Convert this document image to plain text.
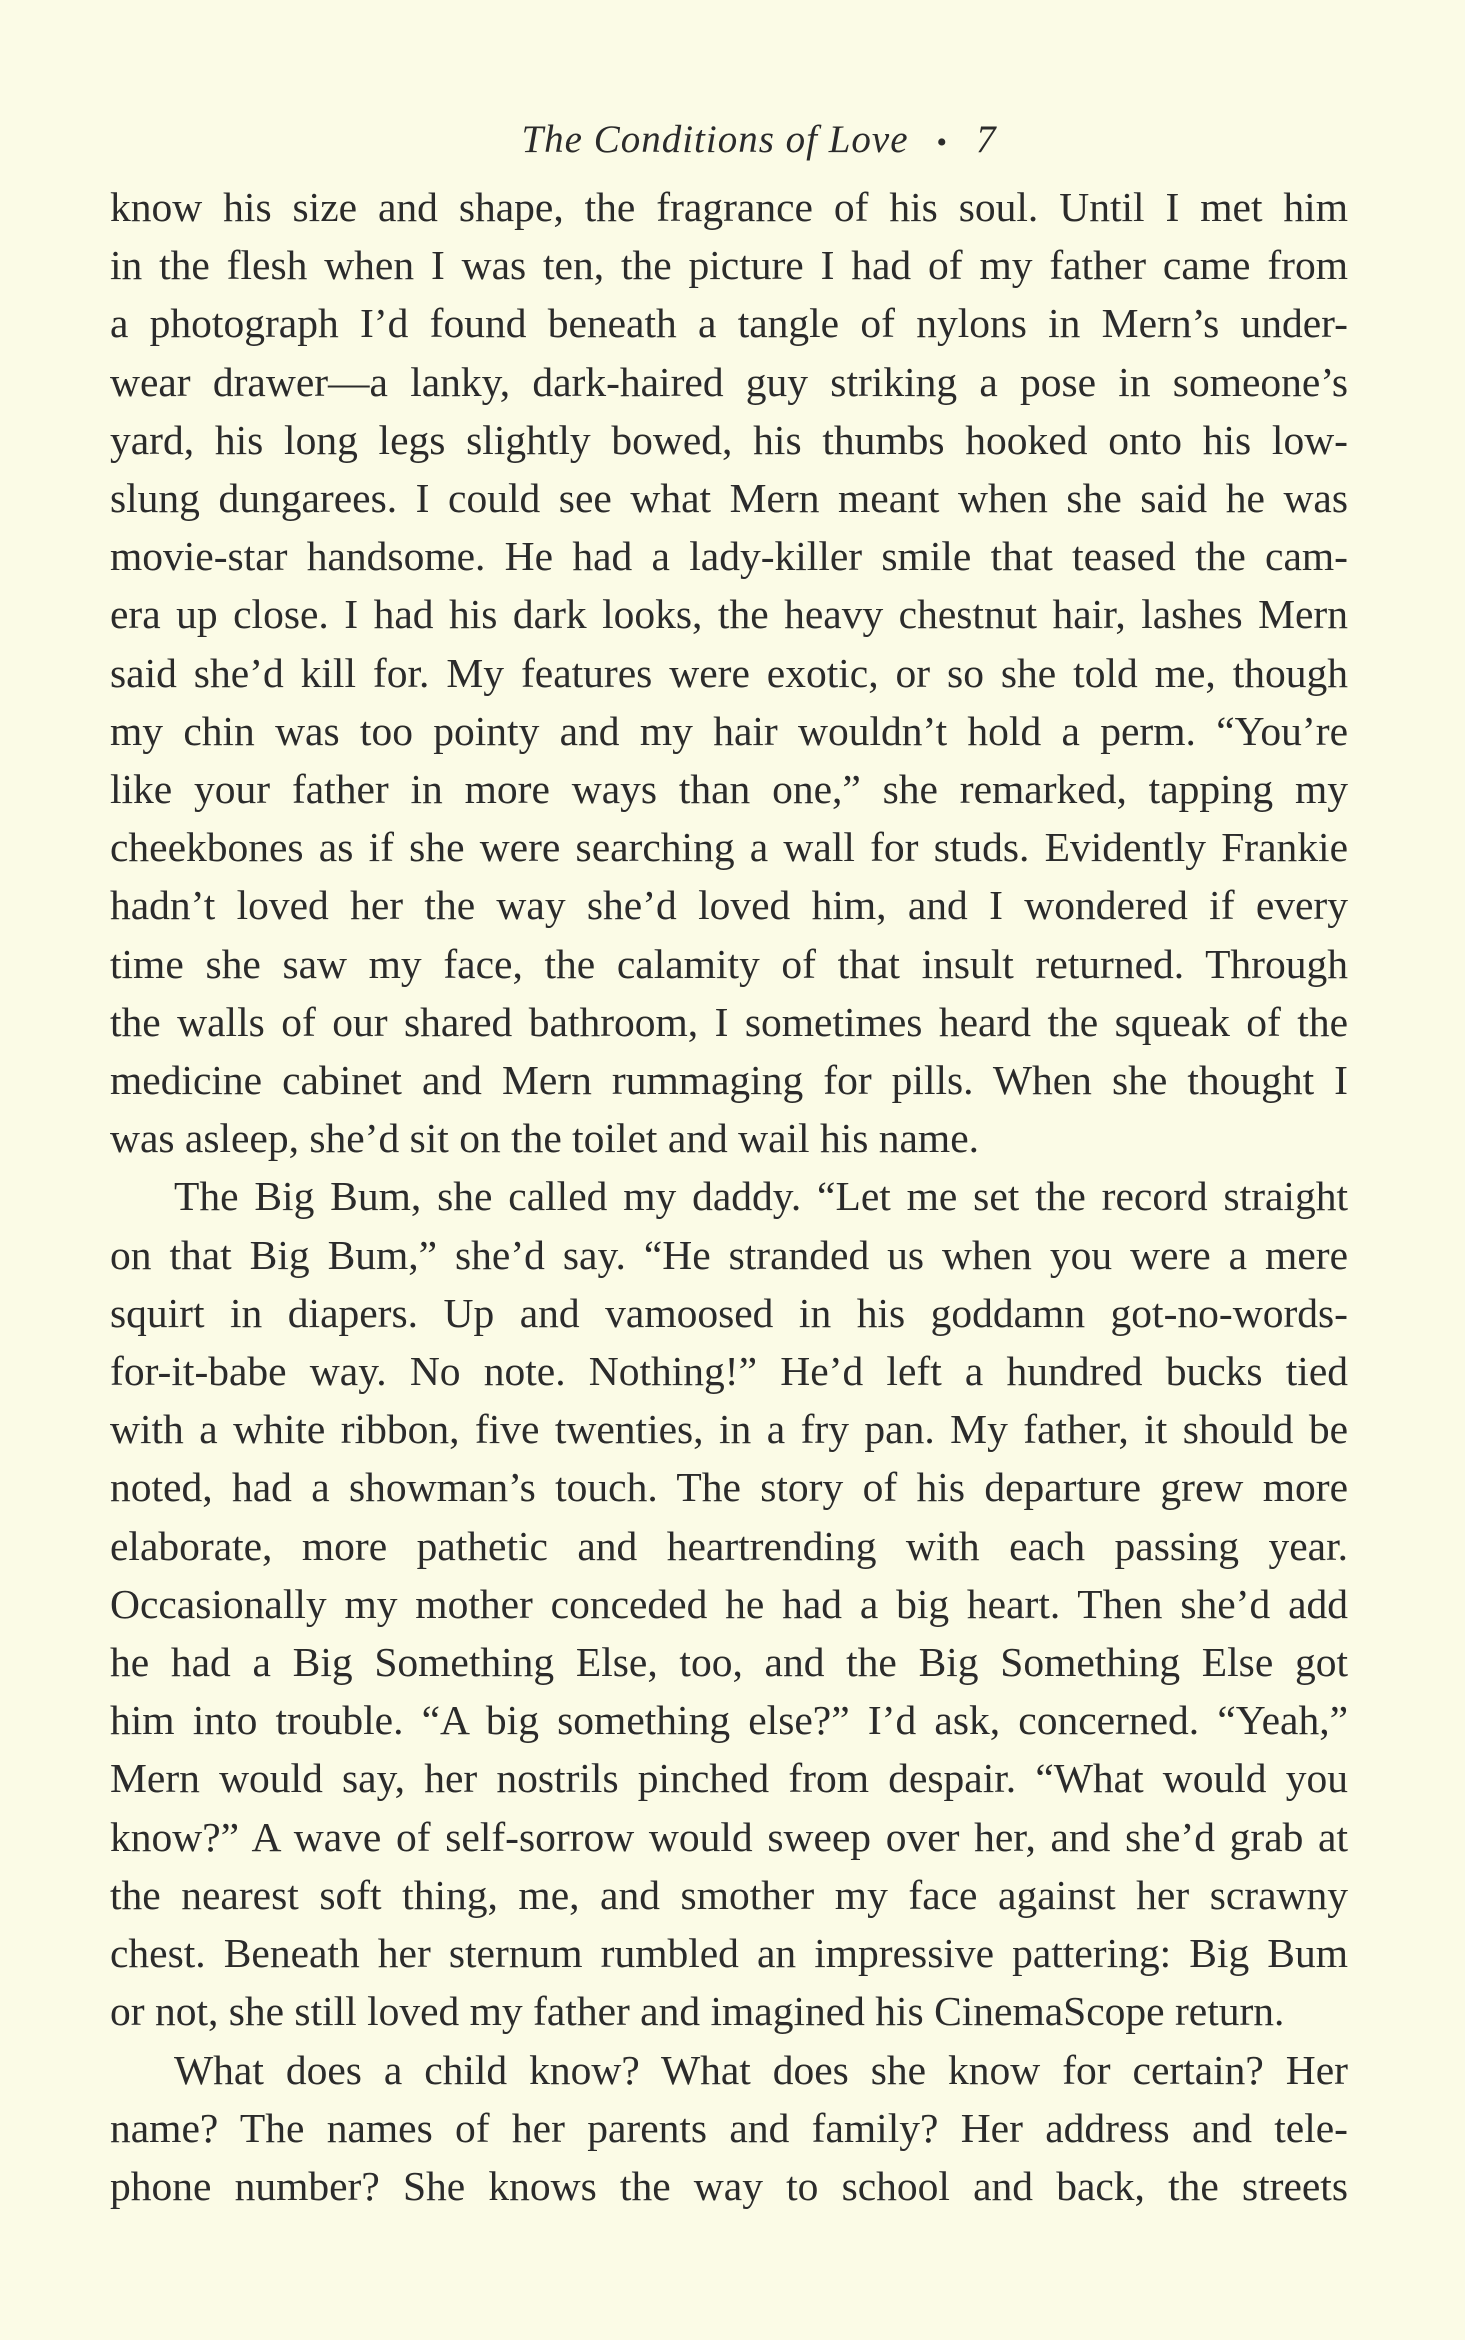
The Conditions of Love • 7

know his size and shape, the fragrance of his soul. Until I met him
in the flesh when I was ten, the picture I had of my father came from
a photograph I’d found beneath a tangle of nylons in Mern’s under-
wear drawer—a lanky, dark-haired guy striking a pose in someone’s
yard, his long legs slightly bowed, his thumbs hooked onto his low-
slung dungarees. I could see what Mern meant when she said he was
movie-star handsome. He had a lady-killer smile that teased the cam-
era up close. I had his dark looks, the heavy chestnut hair, lashes Mern
said she’d kill for. My features were exotic, or so she told me, though
my chin was too pointy and my hair wouldn’t hold a perm. “You’re
like your father in more ways than one,” she remarked, tapping my
cheekbones as if she were searching a wall for studs. Evidently Frankie
hadn’t loved her the way she’d loved him, and I wondered if every
time she saw my face, the calamity of that insult returned. Through
the walls of our shared bathroom, I sometimes heard the squeak of the
medicine cabinet and Mern rummaging for pills. When she thought I
was asleep, she’d sit on the toilet and wail his name.

The Big Bum, she called my daddy. “Let me set the record straight
on that Big Bum,” she’d say. “He stranded us when you were a mere
squirt in diapers. Up and vamoosed in his goddamn got-no-words-
for-it-babe way. No note. Nothing!” He’d left a hundred bucks tied
with a white ribbon, five twenties, in a fry pan. My father, it should be
noted, had a showman’s touch. The story of his departure grew more
elaborate, more pathetic and heartrending with each passing year.
Occasionally my mother conceded he had a big heart. Then she’d add
he had a Big Something Else, too, and the Big Something Else got
him into trouble. “A big something else?” I’d ask, concerned. “Yeah,”
Mern would say, her nostrils pinched from despair. “What would you
know?” A wave of self-sorrow would sweep over her, and she’d grab at
the nearest soft thing, me, and smother my face against her scrawny
chest. Beneath her sternum rumbled an impressive pattering: Big Bum
or not, she still loved my father and imagined his CinemaScope return.

What does a child know? What does she know for certain? Her
name? The names of her parents and family? Her address and tele-
phone number? She knows the way to school and back, the streets
